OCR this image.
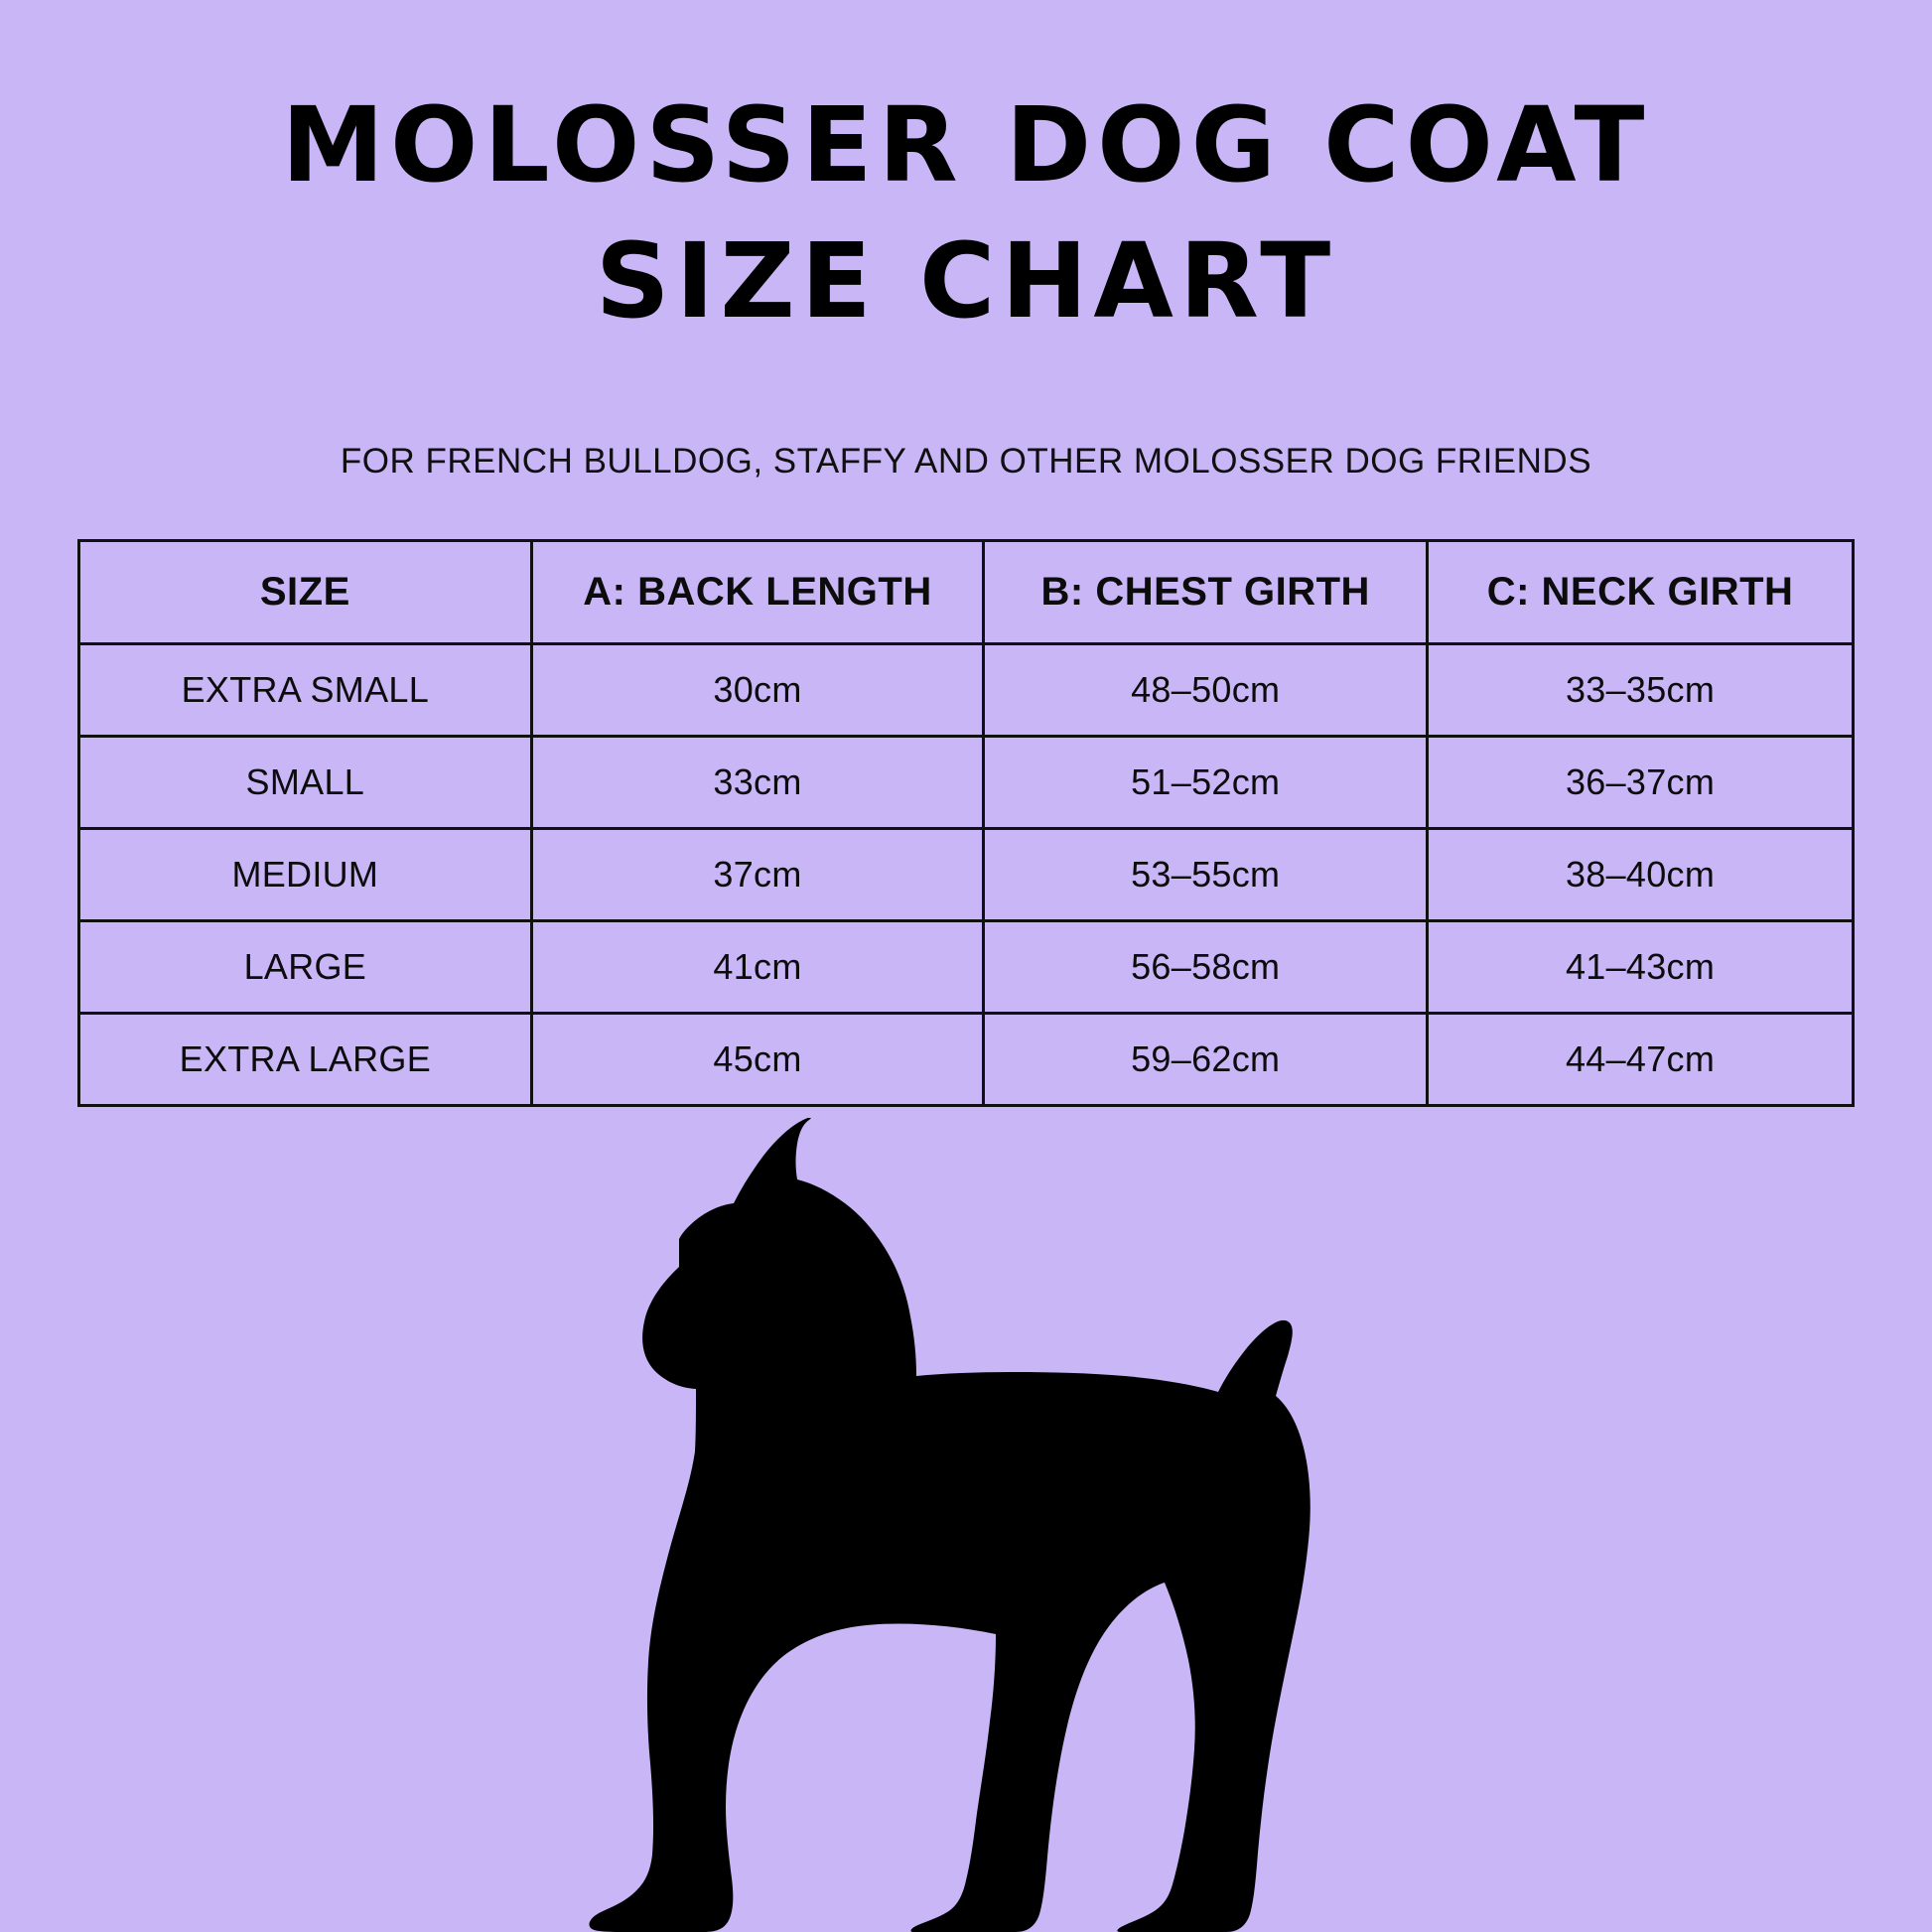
MOLOSSER DOG COAT
SIZE CHART
FOR FRENCH BULLDOG, STAFFY AND OTHER MOLOSSER DOG FRIENDS
SIZE	A: BACK LENGTH	B: CHEST GIRTH	C: NECK GIRTH
EXTRA SMALL	30cm	48–50cm	33–35cm
SMALL	33cm	51–52cm	36–37cm
MEDIUM	37cm	53–55cm	38–40cm
LARGE	41cm	56–58cm	41–43cm
EXTRA LARGE	45cm	59–62cm	44–47cm
